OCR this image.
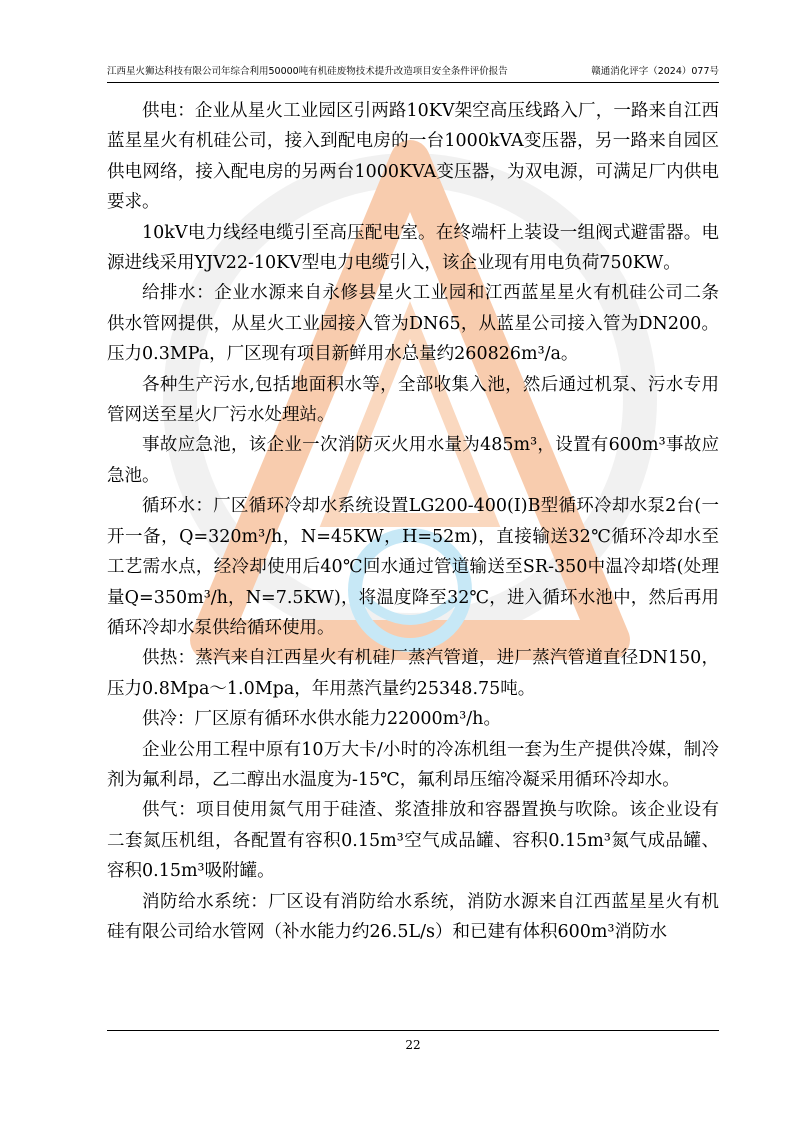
江西星火狮达科技有限公司年综合利用50000吨有机硅废物技术提升改造项目安全条件评价报告	赣通消化评字（2024）077号

供电：企业从星火工业园区引两路10KV架空高压线路入厂，一路来自江西蓝星星火有机硅公司，接入到配电房的一台1000kVA变压器，另一路来自园区供电网络，接入配电房的另两台1000KVA变压器，为双电源，可满足厂内供电要求。

10kV电力线经电缆引至高压配电室。在终端杆上装设一组阀式避雷器。电源进线采用YJV22-10KV型电力电缆引入，该企业现有用电负荷750KW。

给排水：企业水源来自永修县星火工业园和江西蓝星星火有机硅公司二条供水管网提供，从星火工业园接入管为DN65，从蓝星公司接入管为DN200。压力0.3MPa，厂区现有项目新鲜用水总量约260826m³/a。

各种生产污水,包括地面积水等，全部收集入池，然后通过机泵、污水专用管网送至星火厂污水处理站。

事故应急池，该企业一次消防灭火用水量为485m³，设置有600m³事故应急池。

循环水：厂区循环冷却水系统设置LG200-400(I)B型循环冷却水泵2台(一开一备，Q=320m³/h，N=45KW，H=52m)，直接输送32℃循环冷却水至工艺需水点，经冷却使用后40℃回水通过管道输送至SR-350中温冷却塔(处理量Q=350m³/h，N=7.5KW)，将温度降至32℃，进入循环水池中，然后再用循环冷却水泵供给循环使用。

供热：蒸汽来自江西星火有机硅厂蒸汽管道，进厂蒸汽管道直径DN150，压力0.8Mpa～1.0Mpa，年用蒸汽量约25348.75吨。

供冷：厂区原有循环水供水能力22000m³/h。

企业公用工程中原有10万大卡/小时的冷冻机组一套为生产提供冷媒，制冷剂为氟利昂，乙二醇出水温度为-15℃，氟利昂压缩冷凝采用循环冷却水。

供气：项目使用氮气用于硅渣、浆渣排放和容器置换与吹除。该企业设有二套氮压机组，各配置有容积0.15m³空气成品罐、容积0.15m³氮气成品罐、容积0.15m³吸附罐。

消防给水系统：厂区设有消防给水系统，消防水源来自江西蓝星星火有机硅有限公司给水管网（补水能力约26.5L/s）和已建有体积600m³消防水

22
